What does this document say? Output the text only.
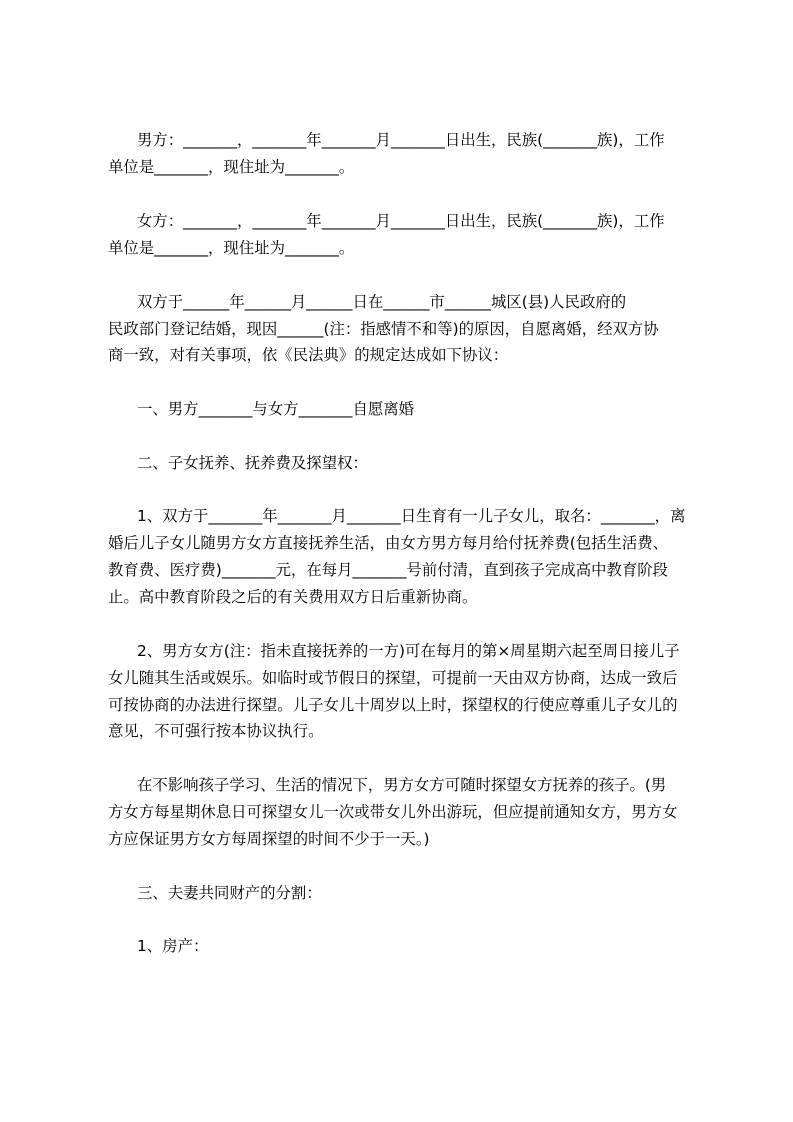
男方：_______，_______年_______月_______日出生，民族(_______族)，工作
单位是_______，现住址为_______。
女方：_______，_______年_______月_______日出生，民族(_______族)，工作
单位是_______，现住址为_______。
双方于______年______月______日在______市______城区(县)人民政府的
民政部门登记结婚，现因______(注：指感情不和等)的原因，自愿离婚，经双方协
商一致，对有关事项，依《民法典》的规定达成如下协议：
一、男方_______与女方_______自愿离婚
二、子女抚养、抚养费及探望权：
1、双方于_______年_______月_______日生育有一儿子女儿，取名：_______，离
婚后儿子女儿随男方女方直接抚养生活，由女方男方每月给付抚养费(包括生活费、
教育费、医疗费)_______元，在每月_______号前付清，直到孩子完成高中教育阶段
止。高中教育阶段之后的有关费用双方日后重新协商。
2、男方女方(注：指未直接抚养的一方)可在每月的第×周星期六起至周日接儿子
女儿随其生活或娱乐。如临时或节假日的探望，可提前一天由双方协商，达成一致后
可按协商的办法进行探望。儿子女儿十周岁以上时，探望权的行使应尊重儿子女儿的
意见，不可强行按本协议执行。
在不影响孩子学习、生活的情况下，男方女方可随时探望女方抚养的孩子。(男
方女方每星期休息日可探望女儿一次或带女儿外出游玩，但应提前通知女方，男方女
方应保证男方女方每周探望的时间不少于一天。)
三、夫妻共同财产的分割：
1、房产：
